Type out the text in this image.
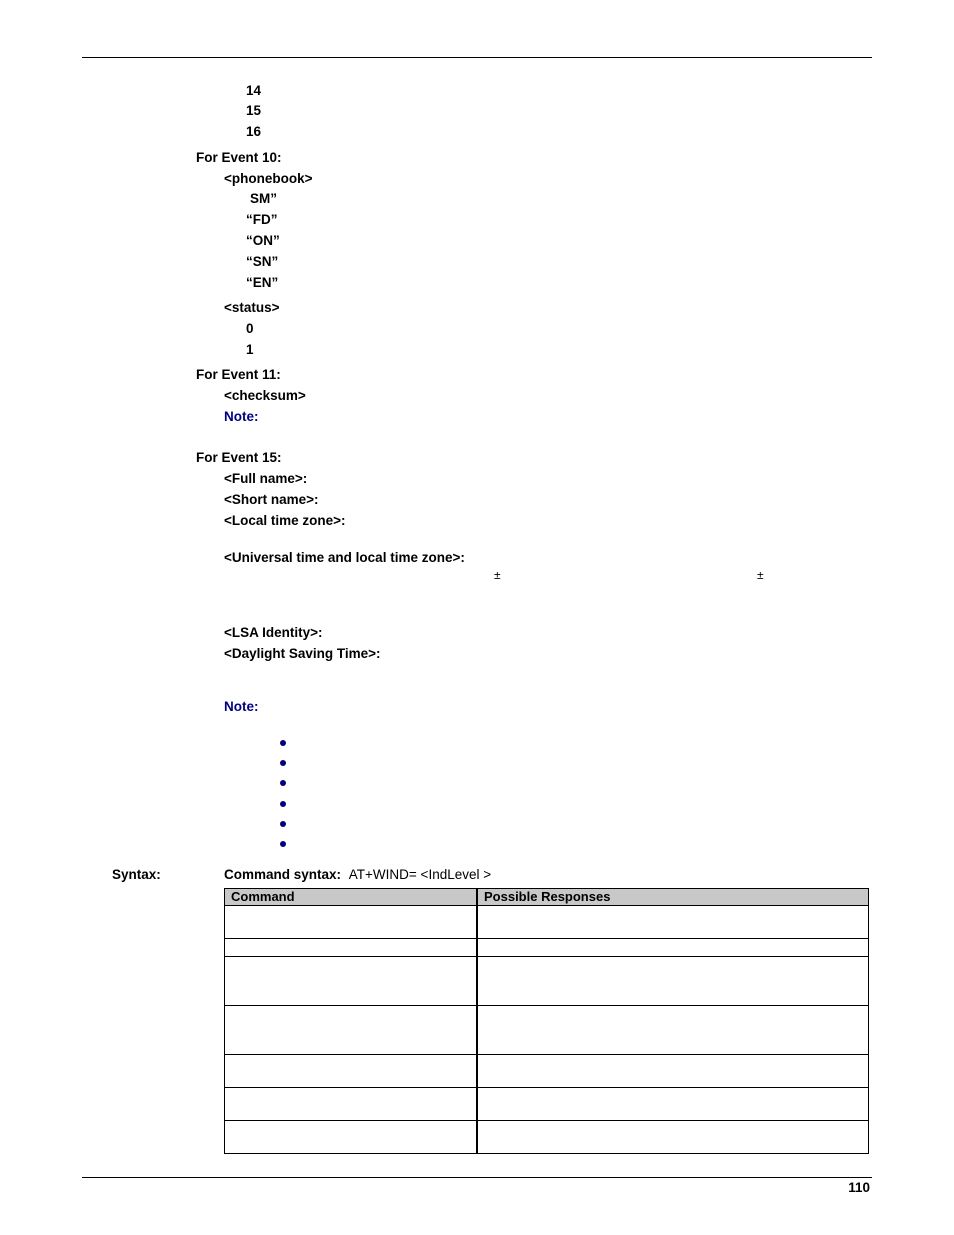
14
15
16
For Event 10:
<phonebook>
SM”
“FD”
“ON”
“SN”
“EN”
<status>
0
1
For Event 11:
<checksum>
Note:
For Event 15:
<Full name>:
<Short name>:
<Local time zone>:
<Universal time and local time zone>:
±	±
<LSA Identity>:
<Daylight Saving Time>:
Note:
Syntax:	Command syntax: AT+WIND= <IndLevel >
Command	Possible Responses

110
